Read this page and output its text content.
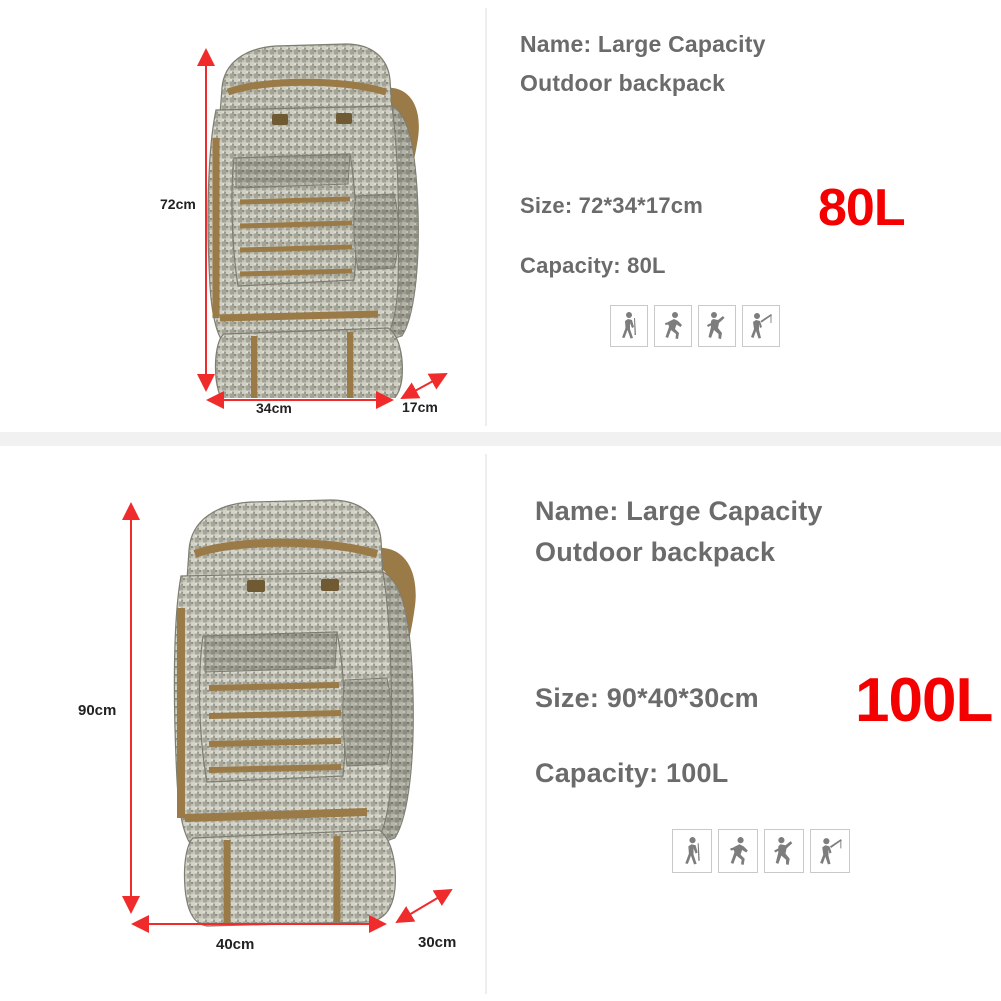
72cm
34cm	17cm
Name: Large Capacity
Outdoor backpack
Size: 72*34*17cm
Capacity: 80L
80L
90cm
40cm	30cm
Name: Large Capacity
Outdoor backpack
Size: 90*40*30cm
Capacity: 100L
100L
